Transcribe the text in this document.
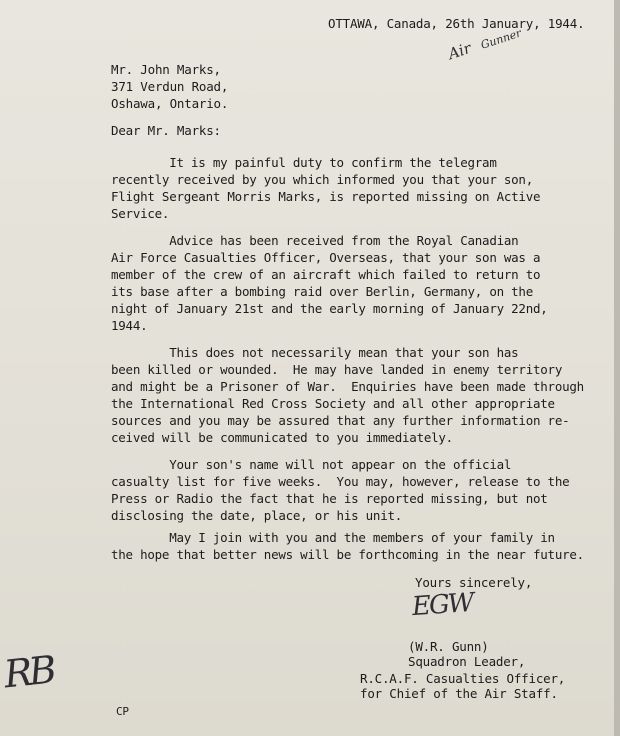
OTTAWA, Canada, 26th January, 1944.
Air Gunner
Mr. John Marks,
371 Verdun Road,
Oshawa, Ontario.
Dear Mr. Marks:
It is my painful duty to confirm the telegram
recently received by you which informed you that your son,
Flight Sergeant Morris Marks, is reported missing on Active
Service.
Advice has been received from the Royal Canadian
Air Force Casualties Officer, Overseas, that your son was a
member of the crew of an aircraft which failed to return to
its base after a bombing raid over Berlin, Germany, on the
night of January 21st and the early morning of January 22nd,
1944.
This does not necessarily mean that your son has
been killed or wounded.  He may have landed in enemy territory
and might be a Prisoner of War.  Enquiries have been made through
the International Red Cross Society and all other appropriate
sources and you may be assured that any further information re-
ceived will be communicated to you immediately.
Your son's name will not appear on the official
casualty list for five weeks.  You may, however, release to the
Press or Radio the fact that he is reported missing, but not
disclosing the date, place, or his unit.
May I join with you and the members of your family in
the hope that better news will be forthcoming in the near future.
Yours sincerely,
EGW
(W.R. Gunn)
Squadron Leader,
R.C.A.F. Casualties Officer,
for Chief of the Air Staff.
RB
CP
